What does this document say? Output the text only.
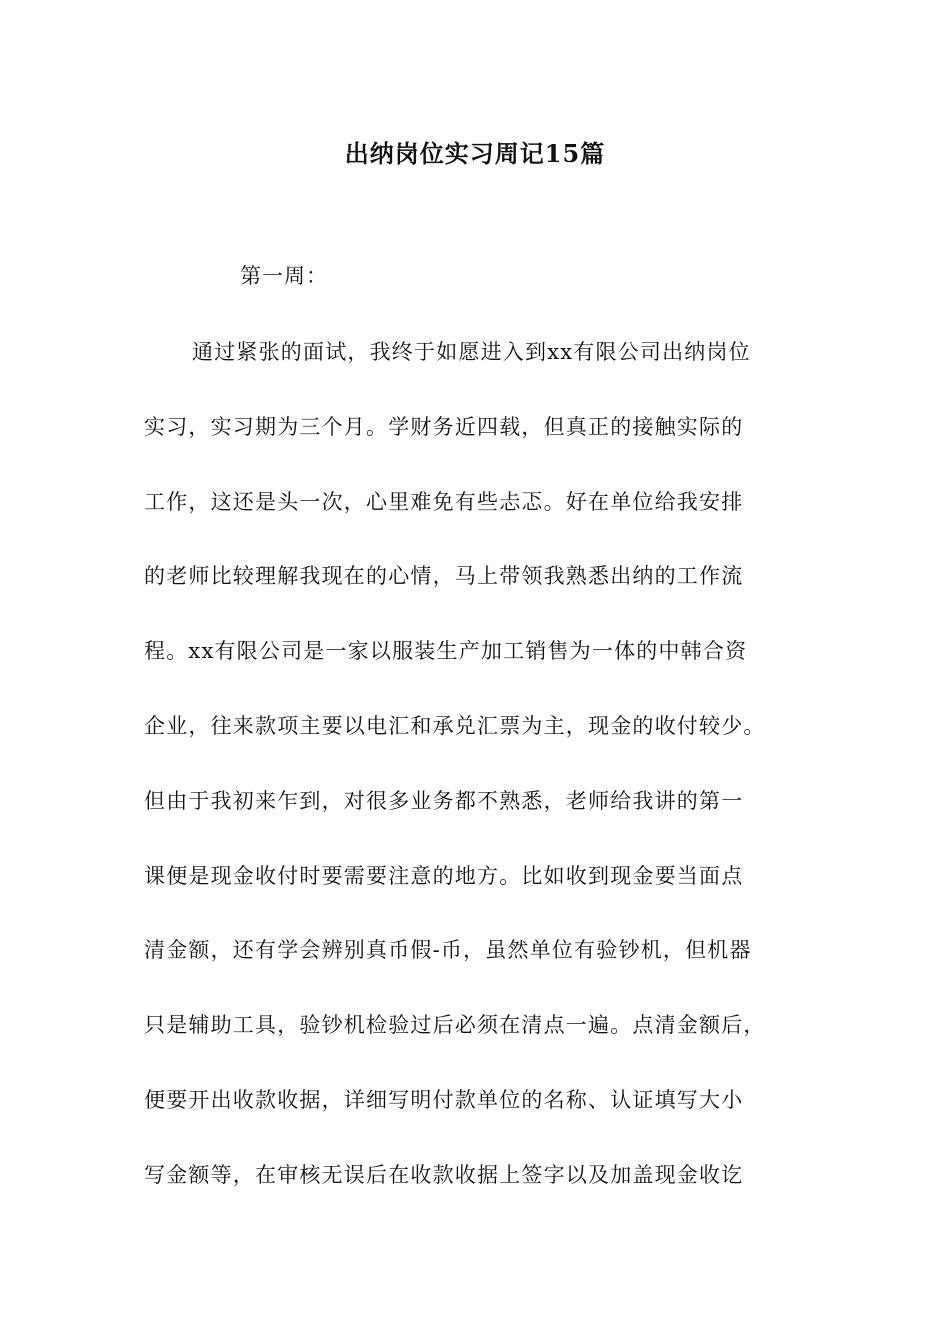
出纳岗位实习周记15篇

第一周：

通过紧张的面试，我终于如愿进入到xx有限公司出纳岗位
实习，实习期为三个月。学财务近四载，但真正的接触实际的
工作，这还是头一次，心里难免有些忐忑。好在单位给我安排
的老师比较理解我现在的心情，马上带领我熟悉出纳的工作流
程。xx有限公司是一家以服装生产加工销售为一体的中韩合资
企业，往来款项主要以电汇和承兑汇票为主，现金的收付较少。
但由于我初来乍到，对很多业务都不熟悉，老师给我讲的第一
课便是现金收付时要需要注意的地方。比如收到现金要当面点
清金额，还有学会辨别真币假-币，虽然单位有验钞机，但机器
只是辅助工具，验钞机检验过后必须在清点一遍。点清金额后，
便要开出收款收据，详细写明付款单位的名称、认证填写大小
写金额等，在审核无误后在收款收据上签字以及加盖现金收讫
